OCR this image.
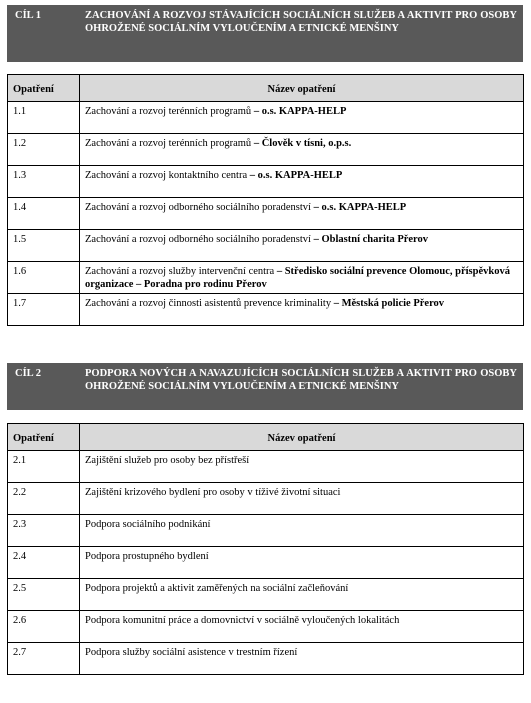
CÍL 1	ZACHOVÁNÍ A ROZVOJ STÁVAJÍCÍCH SOCIÁLNÍCH SLUŽEB A AKTIVIT PRO OSOBY OHROŽENÉ SOCIÁLNÍM VYLOUČENÍM A ETNICKÉ MENŠINY
Opatření	Název opatření

1.1	Zachování a rozvoj terénních programů – o.s. KAPPA-HELP

1.2	Zachování a rozvoj terénních programů – Člověk v tísni, o.p.s.

1.3	Zachování a rozvoj kontaktního centra – o.s. KAPPA-HELP

1.4	Zachování a rozvoj odborného sociálního poradenství – o.s. KAPPA-HELP

1.5	Zachování a rozvoj odborného sociálního poradenství – Oblastní charita Přerov

1.6	Zachování a rozvoj služby intervenční centra – Středisko sociální prevence Olomouc, příspěvková organizace – Poradna pro rodinu Přerov

1.7	Zachování a rozvoj činnosti asistentů prevence kriminality – Městská policie Přerov
CÍL 2	PODPORA NOVÝCH A NAVAZUJÍCÍCH SOCIÁLNÍCH SLUŽEB A AKTIVIT PRO OSOBY OHROŽENÉ SOCIÁLNÍM VYLOUČENÍM A ETNICKÉ MENŠINY
Opatření	Název opatření

2.1	Zajištění služeb pro osoby bez přístřeší

2.2	Zajištění krizového bydlení pro osoby v tíživé životní situaci

2.3	Podpora sociálního podnikání

2.4	Podpora prostupného bydlení

2.5	Podpora projektů a aktivit zaměřených na sociální začleňování

2.6	Podpora komunitní práce a domovnictví v sociálně vyloučených lokalitách

2.7	Podpora služby sociální asistence v trestním řízení
